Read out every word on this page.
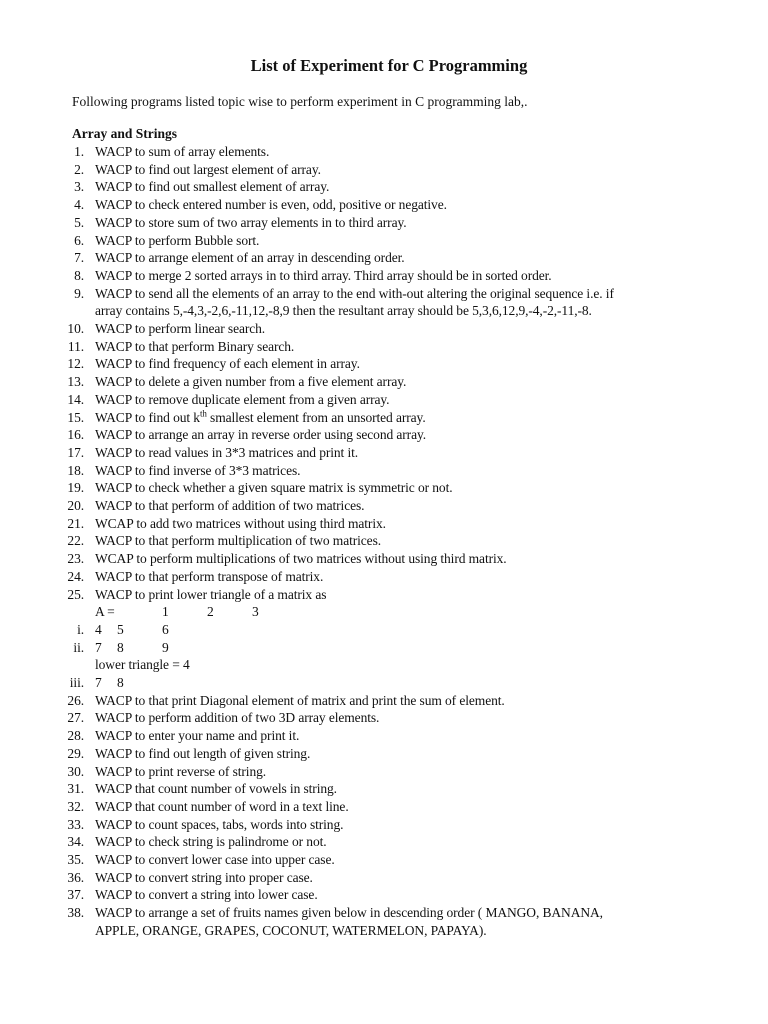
List of Experiment for C Programming
Following programs listed topic wise to perform experiment in C programming lab,.
Array and Strings
1. WACP to sum of array elements.
2. WACP to find out largest element of array.
3. WACP to find out smallest element of array.
4. WACP to check entered number is even, odd, positive or negative.
5. WACP to store sum of two array elements in to third array.
6. WACP to perform Bubble sort.
7. WACP to arrange element of an array in descending order.
8. WACP to merge 2 sorted arrays in to third array. Third array should be in sorted order.
9. WACP to send all the elements of an array to the end with-out altering the original sequence i.e. if
array contains 5,-4,3,-2,6,-11,12,-8,9 then the resultant array should be 5,3,6,12,9,-4,-2,-11,-8.
10. WACP to perform linear search.
11. WACP to that perform Binary search.
12. WACP to find frequency of each element in array.
13. WACP to delete a given number from a five element array.
14. WACP to remove duplicate element from a given array.
15. WACP to find out $k^{th}$ smallest element from an unsorted array.
16. WACP to arrange an array in reverse order using second array.
17. WACP to read values in 3*3 matrices and print it.
18. WACP to find inverse of 3*3 matrices.
19. WACP to check whether a given square matrix is symmetric or not.
20. WACP to that perform of addition of two matrices.
21. WCAP to add two matrices without using third matrix.
22. WACP to that perform multiplication of two matrices.
23. WCAP to perform multiplications of two matrices without using third matrix.
24. WACP to that perform transpose of matrix.
25. WACP to print lower triangle of a matrix as
A =	1	2	3
i. 4 5	6
ii. 7 8	9
lower triangle = 4
iii. 7 8
26. WACP to that print Diagonal element of matrix and print the sum of element.
27. WACP to perform addition of two 3D array elements.
28. WACP to enter your name and print it.
29. WACP to find out length of given string.
30. WACP to print reverse of string.
31. WACP that count number of vowels in string.
32. WACP that count number of word in a text line.
33. WACP to count spaces, tabs, words into string.
34. WACP to check string is palindrome or not.
35. WACP to convert lower case into upper case.
36. WACP to convert string into proper case.
37. WACP to convert a string into lower case.
38. WACP to arrange a set of fruits names given below in descending order ( MANGO, BANANA,
APPLE, ORANGE, GRAPES, COCONUT, WATERMELON, PAPAYA).
